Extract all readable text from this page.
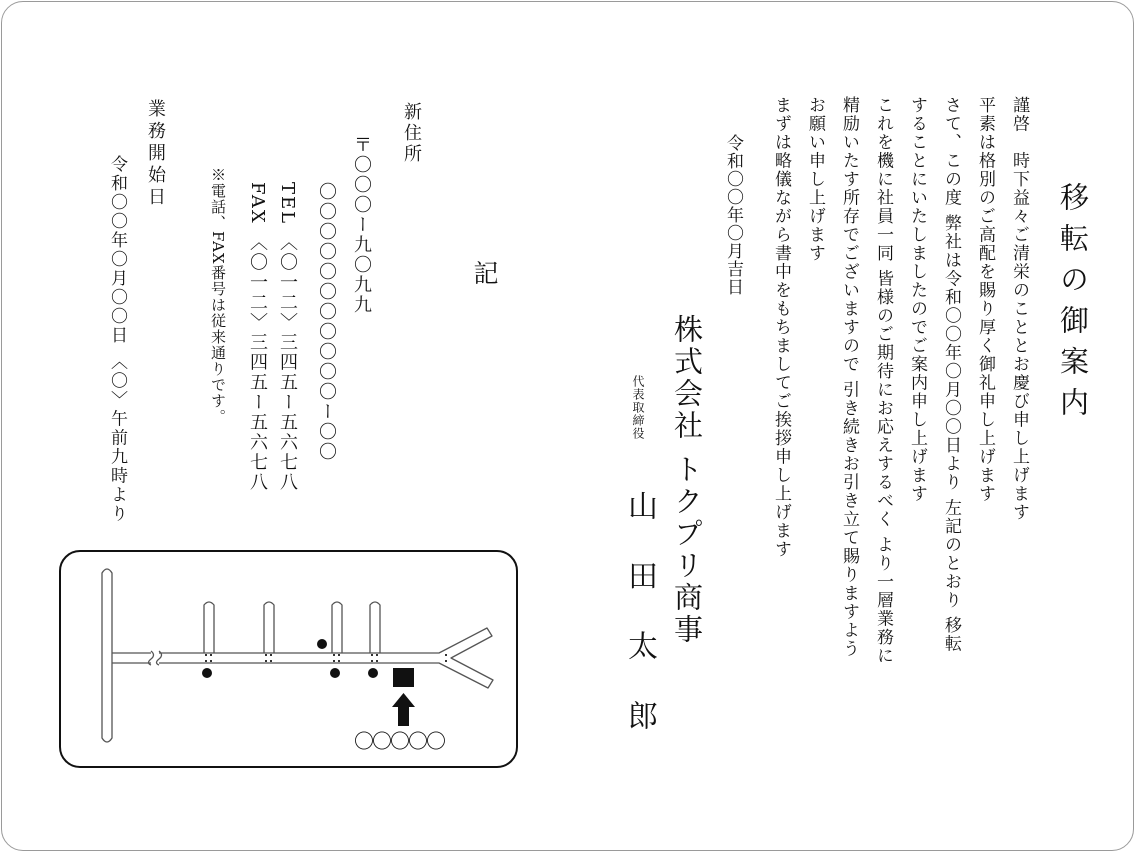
移転の御案内
謹啓　時下益々ご清栄のこととお慶び申し上げます
平素は格別のご高配を賜り厚く御礼申し上げます
さて、この度 弊社は令和〇〇年〇月〇〇日より 左記のとおり 移転
することにいたしましたのでご案内申し上げます
これを機に社員一同 皆様のご期待にお応えするべく より一層業務に
精励いたす所存でございますので 引き続きお引き立て賜りますよう
お願い申し上げます
まずは略儀ながら書中をもちましてご挨拶申し上げます
令和〇〇年〇月吉日
株式会社 トクプリ商事
代表取締役
山田太郎
記
新住所
〒〇〇〇ー九〇九九
〇〇〇〇〇〇〇〇〇〇〇ー〇〇
TEL 〈〇一二〉三四五ー五六七八
FAX 〈〇一二〉三四五ー五六七八
※電話、FAX番号は従来通りです。
業務開始日
令和〇〇年〇月〇〇日 〈〇〉午前九時より
〇〇〇〇〇
